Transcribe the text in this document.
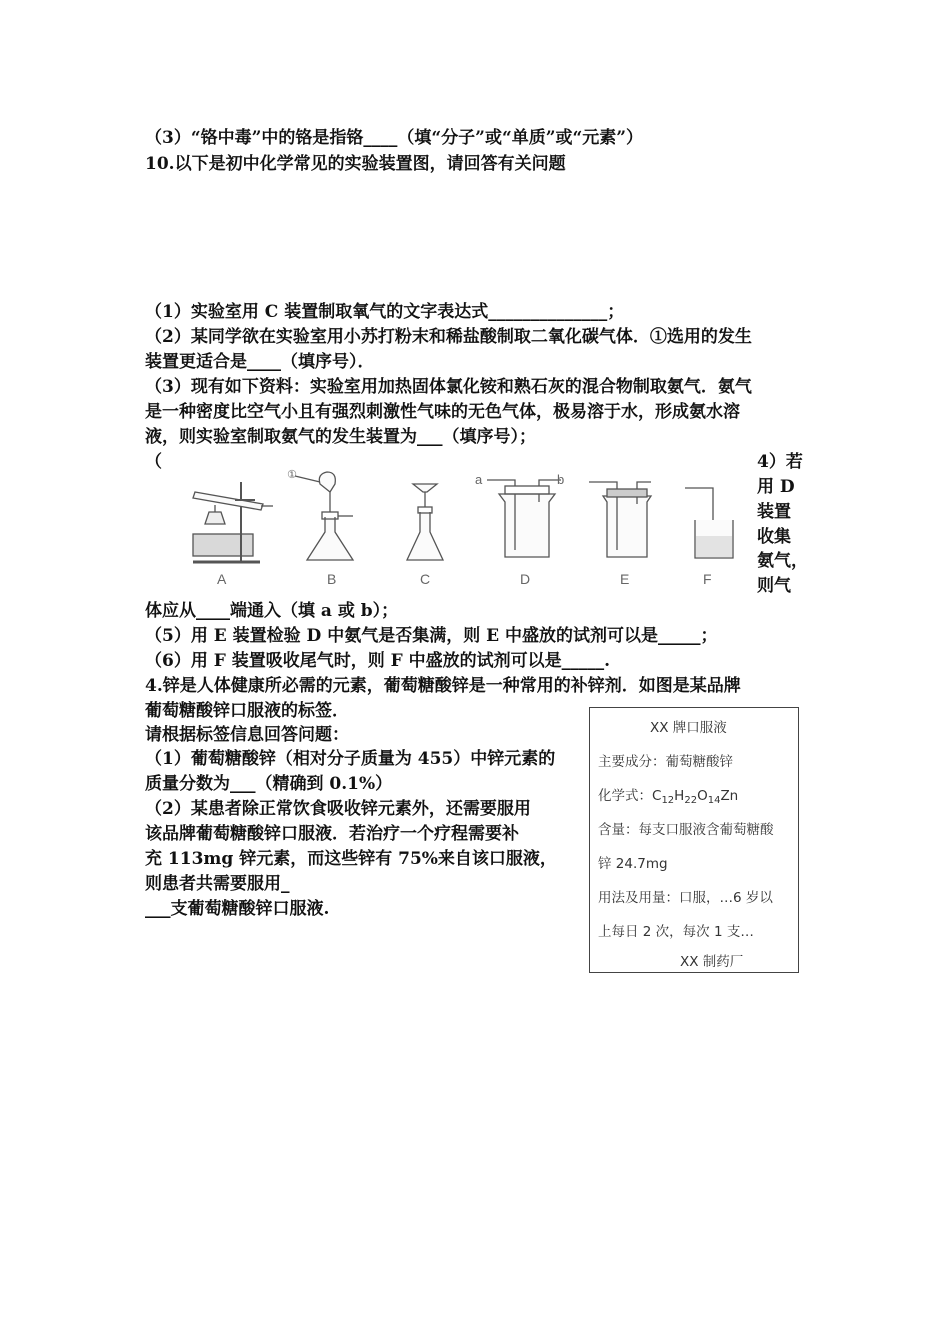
（3）“铬中毒”中的铬是指铬____（填“分子”或“单质”或“元素”）
10.以下是初中化学常见的实验装置图，请回答有关问题
（1）实验室用 C 装置制取氧气的文字表达式______________；
（2）某同学欲在实验室用小苏打粉末和稀盐酸制取二氧化碳气体．①选用的发生
装置更适合是____（填序号）．
（3）现有如下资料：实验室用加热固体氯化铵和熟石灰的混合物制取氨气．氨气
是一种密度比空气小且有强烈刺激性气味的无色气体，极易溶于水，形成氨水溶
液，则实验室制取氨气的发生装置为___（填序号）；
（	4）若
用 D
装置
收集
氨气，
则气
A
①
B	C
a	b
D	E	F
体应从____端通入（填 a 或 b）；
（5）用 E 装置检验 D 中氨气是否集满，则 E 中盛放的试剂可以是_____；
（6）用 F 装置吸收尾气时，则 F 中盛放的试剂可以是_____.
4.锌是人体健康所必需的元素，葡萄糖酸锌是一种常用的补锌剂．如图是某品牌
葡萄糖酸锌口服液的标签．
请根据标签信息回答问题：
（1）葡萄糖酸锌（相对分子质量为 455）中锌元素的
质量分数为___（精确到 0.1%）
（2）某患者除正常饮食吸收锌元素外，还需要服用
该品牌葡萄糖酸锌口服液．若治疗一个疗程需要补
充 113mg 锌元素，而这些锌有 75%来自该口服液，
则患者共需要服用_
___支葡萄糖酸锌口服液.
XX 牌口服液
主要成分：葡萄糖酸锌
化学式：$C_{12}H_{22}O_{14}Zn$
含量：每支口服液含葡萄糖酸
锌 24.7mg
用法及用量：口服，…6 岁以
上每日 2 次，每次 1 支…
XX 制药厂
